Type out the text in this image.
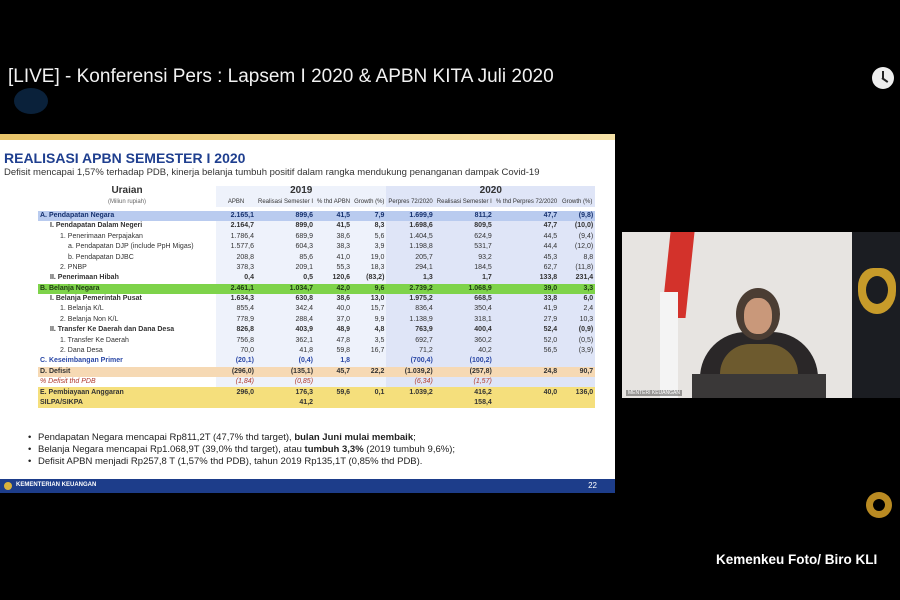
[LIVE] - Konferensi Pers : Lapsem I 2020 & APBN KITA Juli 2020
REALISASI APBN SEMESTER I 2020
Defisit mencapai 1,57% terhadap PDB, kinerja belanja tumbuh positif dalam rangka mendukung penanganan dampak Covid-19
Uraian	2019				2020			
(Miliun rupiah)	APBN	Realisasi Semester I	% thd APBN	Growth (%)	Perpres 72/2020	Realisasi Semester I	% thd Perpres 72/2020	Growth (%)

A. Pendapatan Negara	2.165,1	899,6	41,5	7,9	1.699,9	811,2	47,7	(9,8)
I. Pendapatan Dalam Negeri	2.164,7	899,0	41,5	8,3	1.698,6	809,5	47,7	(10,0)
1. Penerimaan Perpajakan	1.786,4	689,9	38,6	5,6	1.404,5	624,9	44,5	(9,4)
a. Pendapatan DJP (include PpH Migas)	1.577,6	604,3	38,3	3,9	1.198,8	531,7	44,4	(12,0)
b. Pendapatan DJBC	208,8	85,6	41,0	19,0	205,7	93,2	45,3	8,8
2. PNBP	378,3	209,1	55,3	18,3	294,1	184,5	62,7	(11,8)
II. Penerimaan Hibah	0,4	0,5	120,6	(83,2)	1,3	1,7	133,8	231,4
B. Belanja Negara	2.461,1	1.034,7	42,0	9,6	2.739,2	1.068,9	39,0	3,3
I. Belanja Pemerintah Pusat	1.634,3	630,8	38,6	13,0	1.975,2	668,5	33,8	6,0
1. Belanja K/L	855,4	342,4	40,0	15,7	836,4	350,4	41,9	2,4
2. Belanja Non K/L	778,9	288,4	37,0	9,9	1.138,9	318,1	27,9	10,3
II. Transfer Ke Daerah dan Dana Desa	826,8	403,9	48,9	4,8	763,9	400,4	52,4	(0,9)
1. Transfer Ke Daerah	756,8	362,1	47,8	3,5	692,7	360,2	52,0	(0,5)
2. Dana Desa	70,0	41,8	59,8	16,7	71,2	40,2	56,5	(3,9)
C. Keseimbangan Primer	(20,1)	(0,4)	1,8		(700,4)	(100,2)		
D. Defisit	(296,0)	(135,1)	45,7	22,2	(1.039,2)	(257,8)	24,8	90,7
% Defisit thd PDB	(1,84)	(0,85)			(6,34)	(1,57)		
E. Pembiayaan Anggaran	296,0	176,3	59,6	0,1	1.039,2	416,2	40,0	136,0
SILPA/SIKPA		41,2				158,4		
• Pendapatan Negara mencapai Rp811,2T (47,7% thd target), bulan Juni mulai membaik;
• Belanja Negara mencapai Rp1.068,9T (39,0% thd target), atau tumbuh 3,3% (2019 tumbuh 9,6%);
• Defisit APBN menjadi Rp257,8 T (1,57% thd PDB), tahun 2019 Rp135,1T (0,85% thd PDB).
KEMENTERIAN KEUANGAN	22
MENTERI KEUANGAN
Kemenkeu Foto/ Biro KLI
